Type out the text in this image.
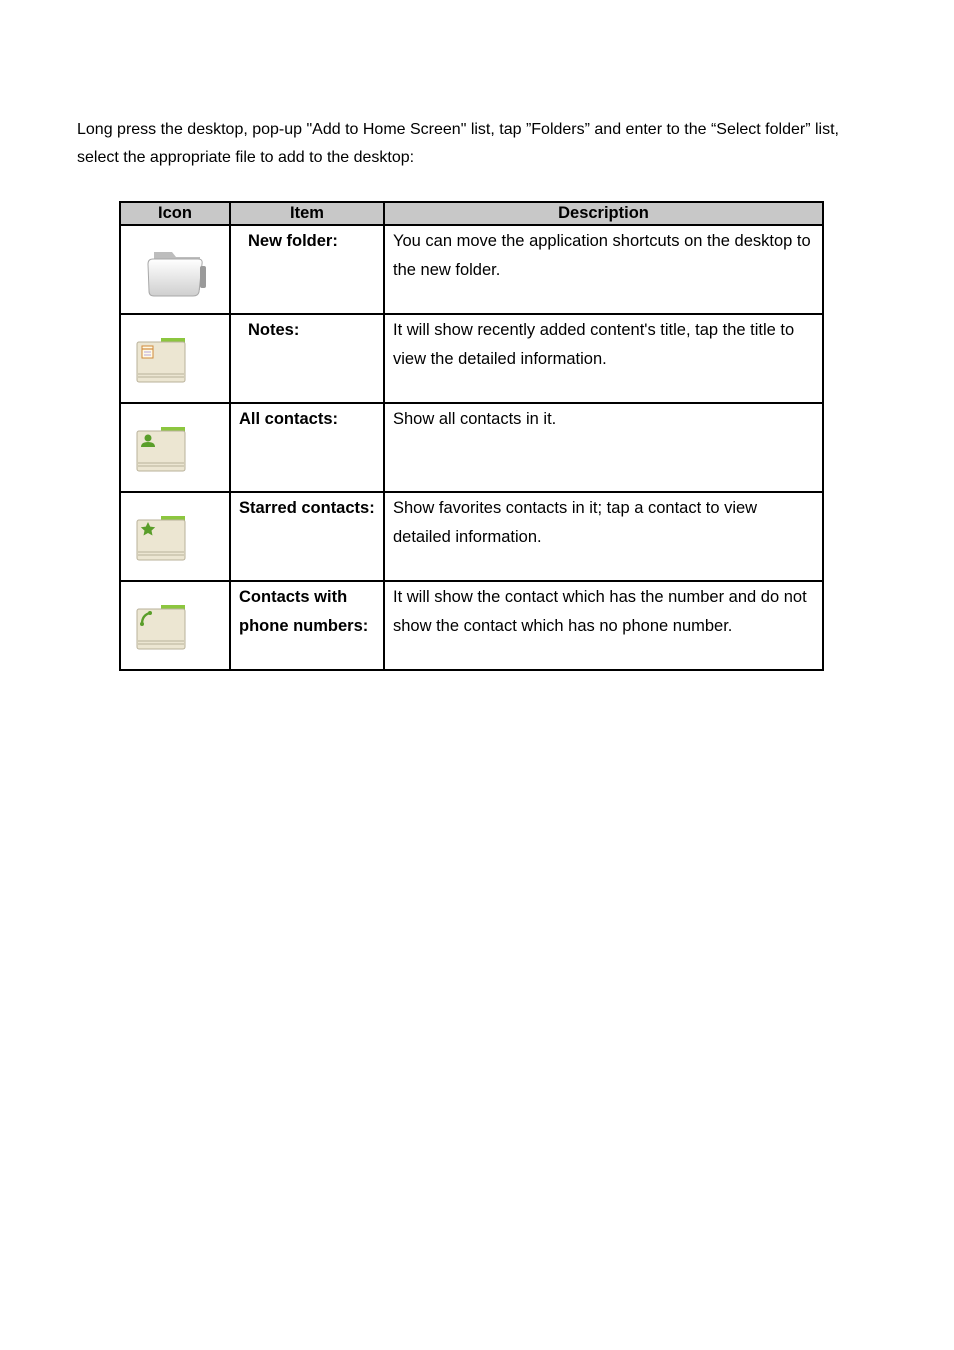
Long press the desktop, pop-up "Add to Home Screen" list, tap ”Folders” and enter to the “Select folder” list, select the appropriate file to add to the desktop:

Icon	Item	Description

New folder:	You can move the application shortcuts on the desktop to the new folder.

Notes:	It will show recently added content's title, tap the title to view the detailed information.

All contacts:	Show all contacts in it.

Starred contacts:	Show favorites contacts in it; tap a contact to view detailed information.

Contacts with phone numbers:	It will show the contact which has the number and do not show the contact which has no phone number.
